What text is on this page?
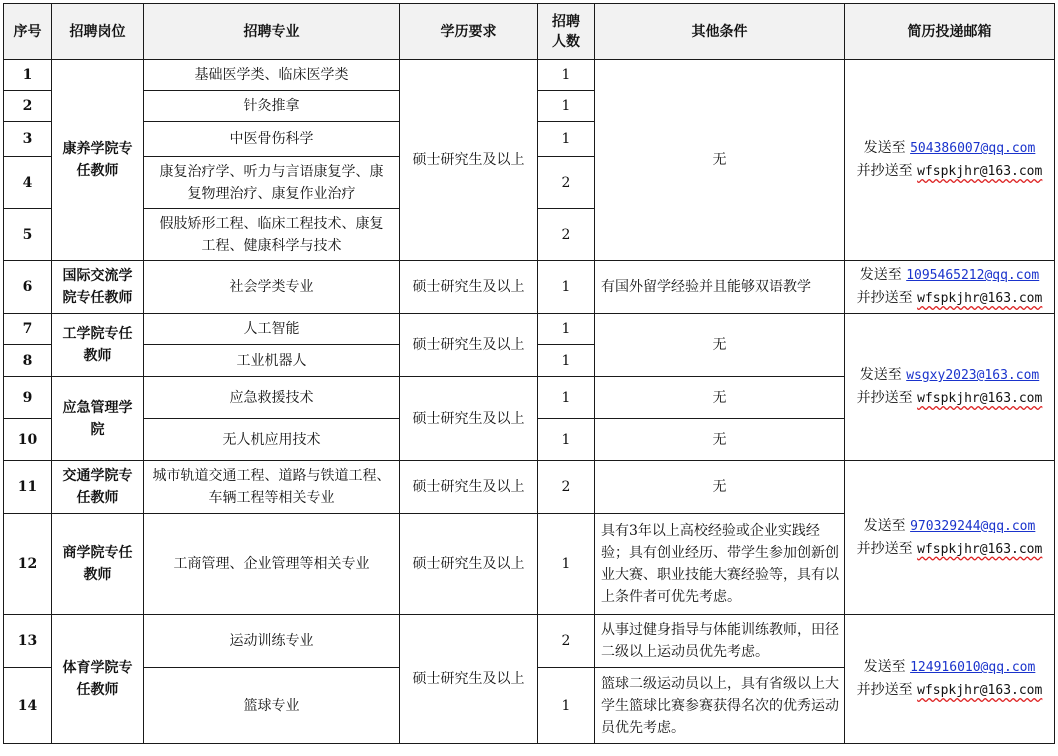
序号	招聘岗位	招聘专业	学历要求	招聘人数	其他条件	简历投递邮箱
1	康养学院专任教师	基础医学类、临床医学类	硕士研究生及以上	1	无	发送至 504386007@qq.com
并抄送至 wfspkjhr@163.com

2		针灸推拿		1		
3		中医骨伤科学		1		
4		康复治疗学、听力与言语康复学、康复物理治疗、康复作业治疗		2		
5		假肢矫形工程、临床工程技术、康复工程、健康科学与技术		2		
6	国际交流学院专任教师	社会学类专业	硕士研究生及以上	1	有国外留学经验并且能够双语教学	发送至 1095465212@qq.com
并抄送至 wfspkjhr@163.com

7	工学院专任教师	人工智能	硕士研究生及以上	1	无	发送至 wsgxy2023@163.com
并抄送至 wfspkjhr@163.com

8		工业机器人		1		
9	应急管理学院	应急救援技术	硕士研究生及以上	1	无	
10		无人机应用技术		1	无	
11	交通学院专任教师	城市轨道交通工程、道路与铁道工程、车辆工程等相关专业	硕士研究生及以上	2	无	发送至 970329244@qq.com
并抄送至 wfspkjhr@163.com

12	商学院专任教师	工商管理、企业管理等相关专业	硕士研究生及以上	1	具有3年以上高校经验或企业实践经验；具有创业经历、带学生参加创新创业大赛、职业技能大赛经验等，具有以上条件者可优先考虑。	
13	体育学院专任教师	运动训练专业	硕士研究生及以上	2	从事过健身指导与体能训练教师，田径二级以上运动员优先考虑。	发送至 124916010@qq.com
并抄送至 wfspkjhr@163.com

14		篮球专业		1	篮球二级运动员以上，具有省级以上大学生篮球比赛参赛获得名次的优秀运动员优先考虑。	
